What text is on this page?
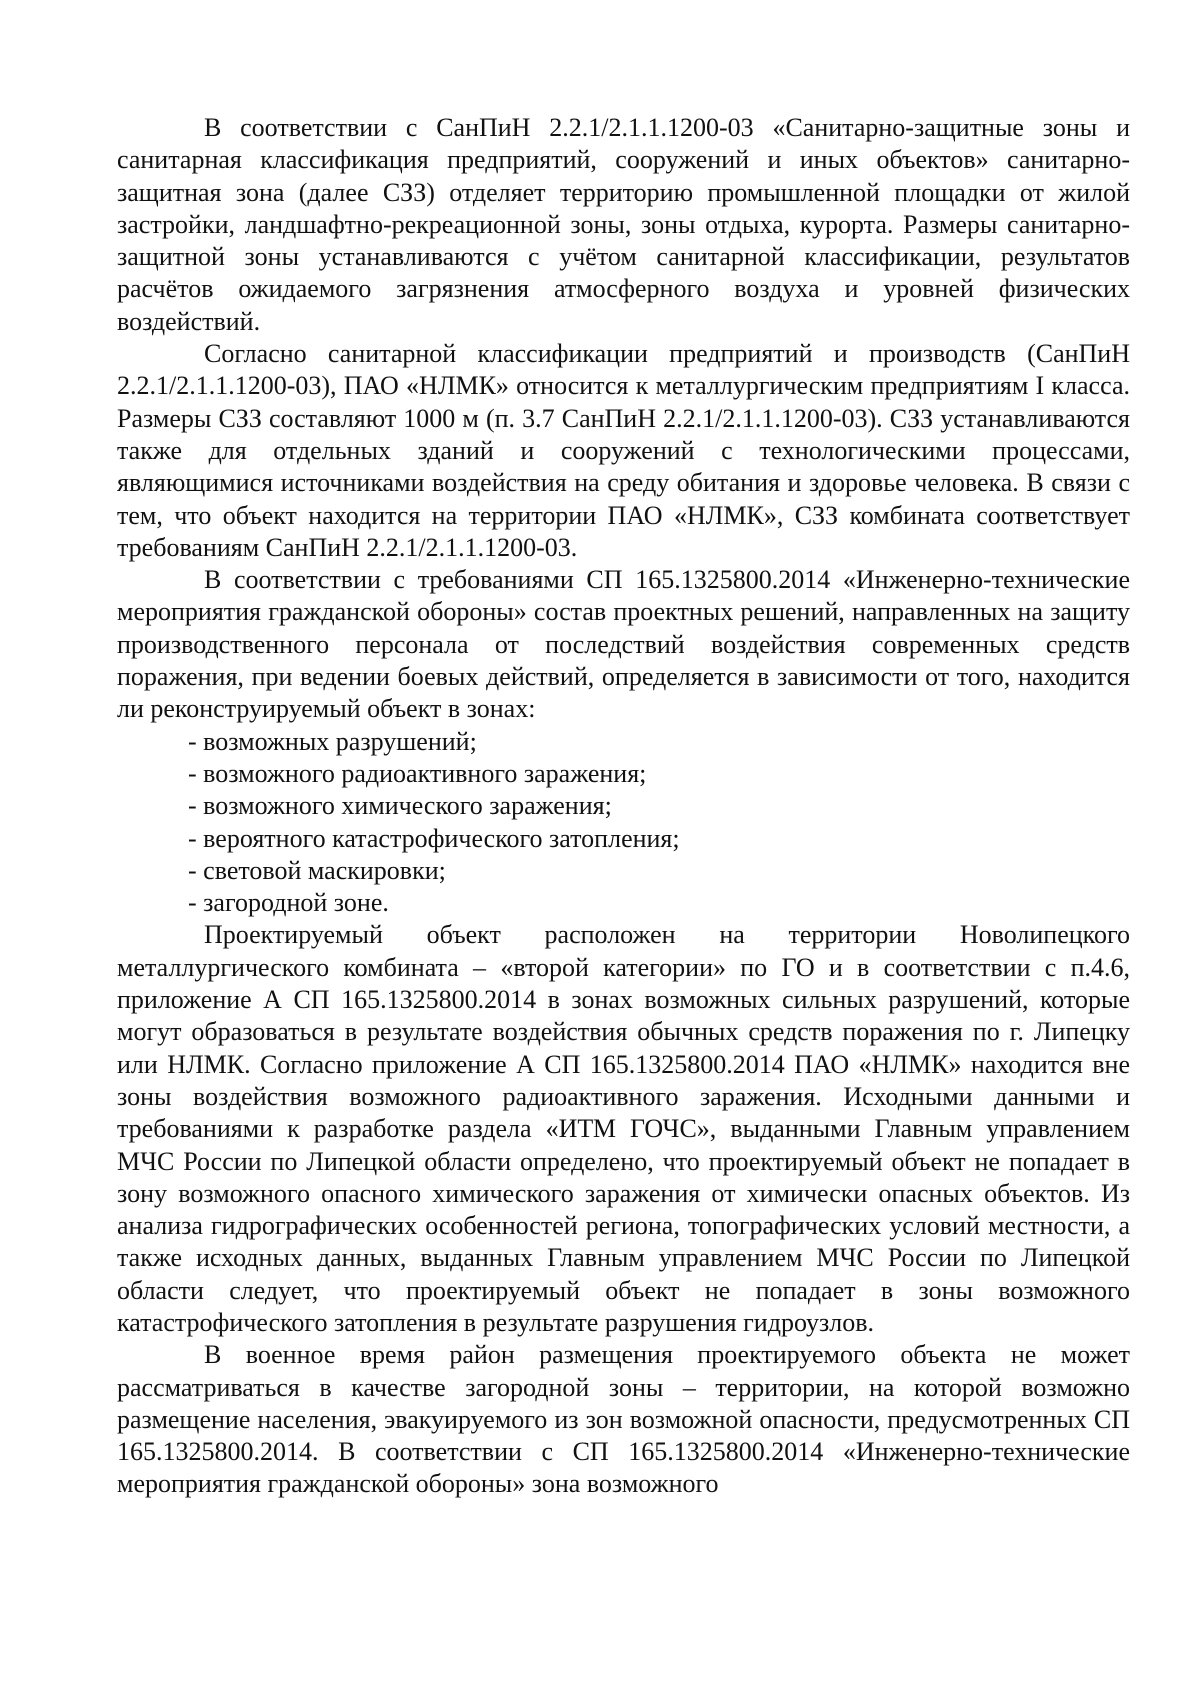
В соответствии с СанПиН 2.2.1/2.1.1.1200-03 «Санитарно-защитные зоны и санитарная классификация предприятий, сооружений и иных объектов» санитарно-защитная зона (далее СЗЗ) отделяет территорию промышленной площадки от жилой застройки, ландшафтно-рекреационной зоны, зоны отдыха, курорта. Размеры санитарно-защитной зоны устанавливаются с учётом санитарной классификации, результатов расчётов ожидаемого загрязнения атмосферного воздуха и уровней физических воздействий.

Согласно санитарной классификации предприятий и производств (СанПиН 2.2.1/2.1.1.1200-03), ПАО «НЛМК» относится к металлургическим предприятиям I класса. Размеры СЗЗ составляют 1000 м (п. 3.7 СанПиН 2.2.1/2.1.1.1200-03). СЗЗ устанавливаются также для отдельных зданий и сооружений с технологическими процессами, являющимися источниками воздействия на среду обитания и здоровье человека. В связи с тем, что объект находится на территории ПАО «НЛМК», СЗЗ комбината соответствует требованиям СанПиН 2.2.1/2.1.1.1200-03.

В соответствии с требованиями СП 165.1325800.2014 «Инженерно-технические мероприятия гражданской обороны» состав проектных решений, направленных на защиту производственного персонала от последствий воздействия современных средств поражения, при ведении боевых действий, определяется в зависимости от того, находится ли реконструируемый объект в зонах:

- возможных разрушений;
- возможного радиоактивного заражения;
- возможного химического заражения;
- вероятного катастрофического затопления;
- световой маскировки;
- загородной зоне.

Проектируемый объект расположен на территории Новолипецкого металлургического комбината – «второй категории» по ГО и в соответствии с п.4.6, приложение А СП 165.1325800.2014 в зонах возможных сильных разрушений, которые могут образоваться в результате воздействия обычных средств поражения по г. Липецку или НЛМК. Согласно приложение А СП 165.1325800.2014 ПАО «НЛМК» находится вне зоны воздействия возможного радиоактивного заражения. Исходными данными и требованиями к разработке раздела «ИТМ ГОЧС», выданными Главным управлением МЧС России по Липецкой области определено, что проектируемый объект не попадает в зону возможного опасного химического заражения от химически опасных объектов. Из анализа гидрографических особенностей региона, топографических условий местности, а также исходных данных, выданных Главным управлением МЧС России по Липецкой области следует, что проектируемый объект не попадает в зоны возможного катастрофического затопления в результате разрушения гидроузлов.

В военное время район размещения проектируемого объекта не может рассматриваться в качестве загородной зоны – территории, на которой возможно размещение населения, эвакуируемого из зон возможной опасности, предусмотренных СП 165.1325800.2014. В соответствии с СП 165.1325800.2014 «Инженерно-технические мероприятия гражданской обороны» зона возможного
